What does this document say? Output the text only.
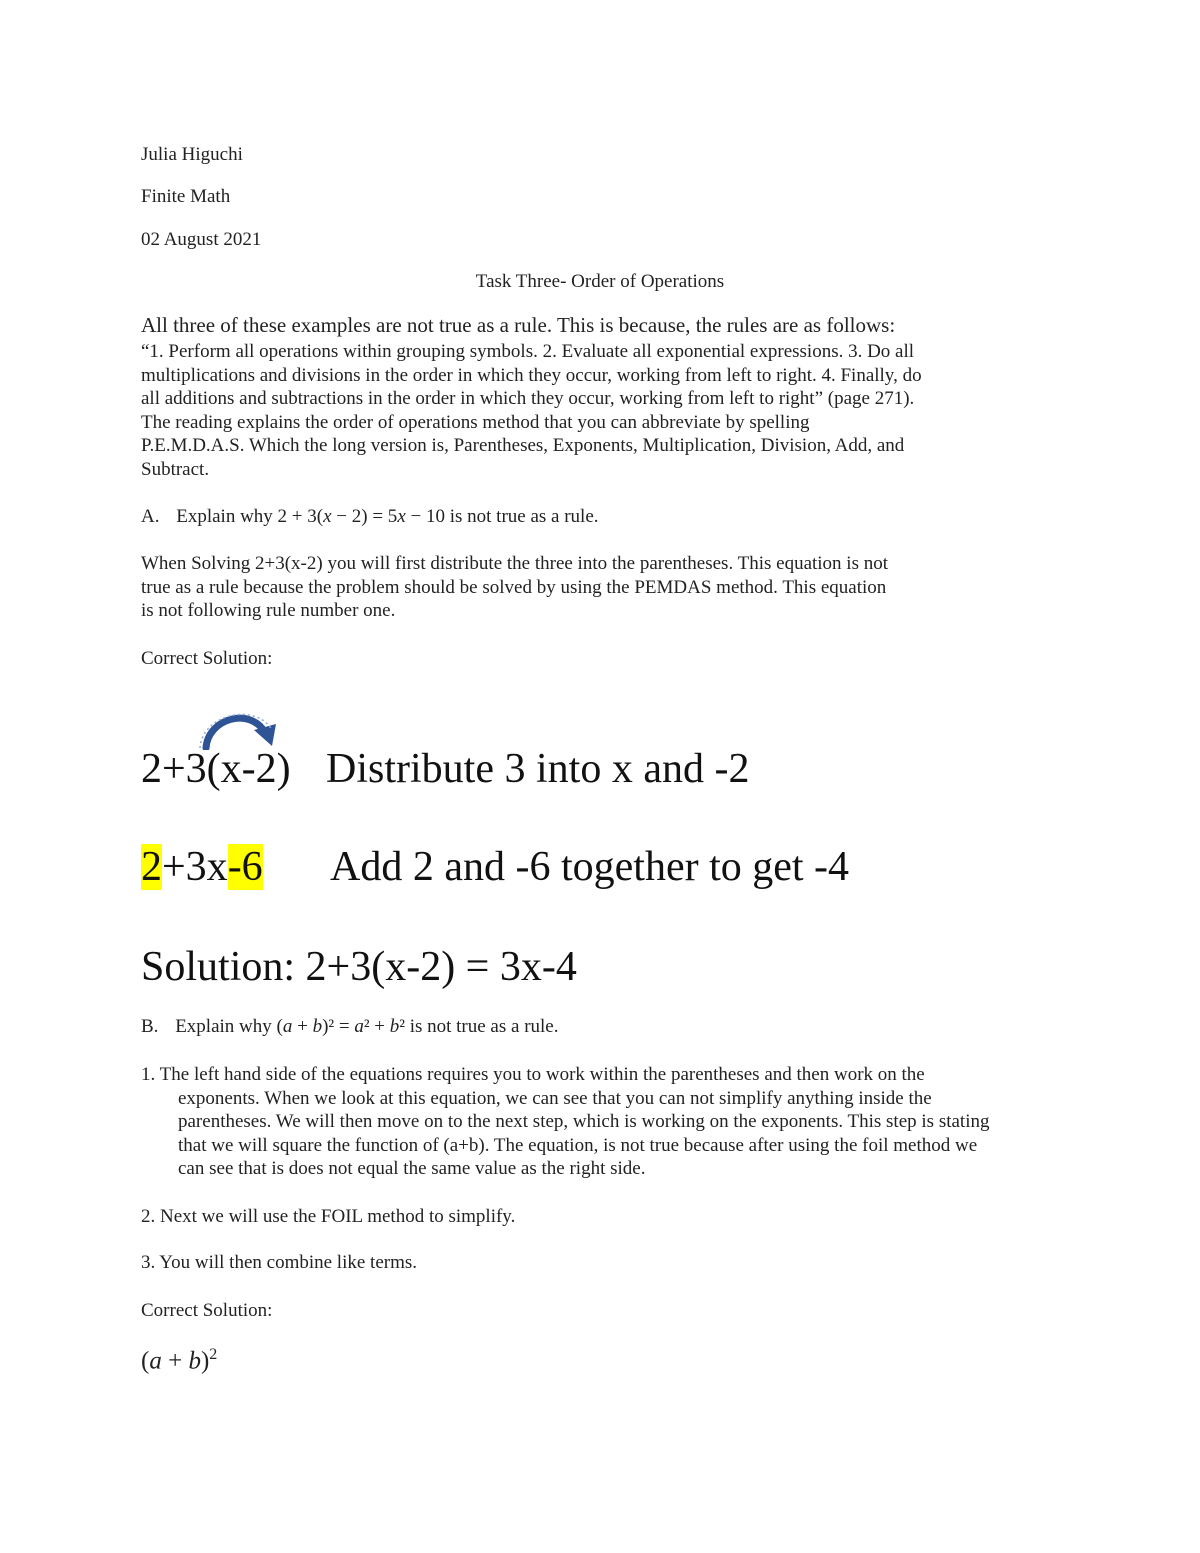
Julia Higuchi
Finite Math
02 August 2021
Task Three- Order of Operations
All three of these examples are not true as a rule. This is because, the rules are as follows:
“1. Perform all operations within grouping symbols. 2. Evaluate all exponential expressions. 3. Do all
multiplications and divisions in the order in which they occur, working from left to right. 4. Finally, do
all additions and subtractions in the order in which they occur, working from left to right” (page 271).
The reading explains the order of operations method that you can abbreviate by spelling
P.E.M.D.A.S. Which the long version is, Parentheses, Exponents, Multiplication, Division, Add, and
Subtract.
A. Explain why 2 + 3(x − 2) = 5x − 10 is not true as a rule.
When Solving 2+3(x-2) you will first distribute the three into the parentheses. This equation is not
true as a rule because the problem should be solved by using the PEMDAS method. This equation
is not following rule number one.
Correct Solution:
2+3(x-2) Distribute 3 into x and -2
2+3x-6 Add 2 and -6 together to get -4
Solution: 2+3(x-2) = 3x-4
B. Explain why (a + b)² = a² + b² is not true as a rule.
1. The left hand side of the equations requires you to work within the parentheses and then work on the
exponents. When we look at this equation, we can see that you can not simplify anything inside the
parentheses. We will then move on to the next step, which is working on the exponents. This step is stating
that we will square the function of (a+b). The equation, is not true because after using the foil method we
can see that is does not equal the same value as the right side.
2. Next we will use the FOIL method to simplify.
3. You will then combine like terms.
Correct Solution:
$(a + b)^2$
